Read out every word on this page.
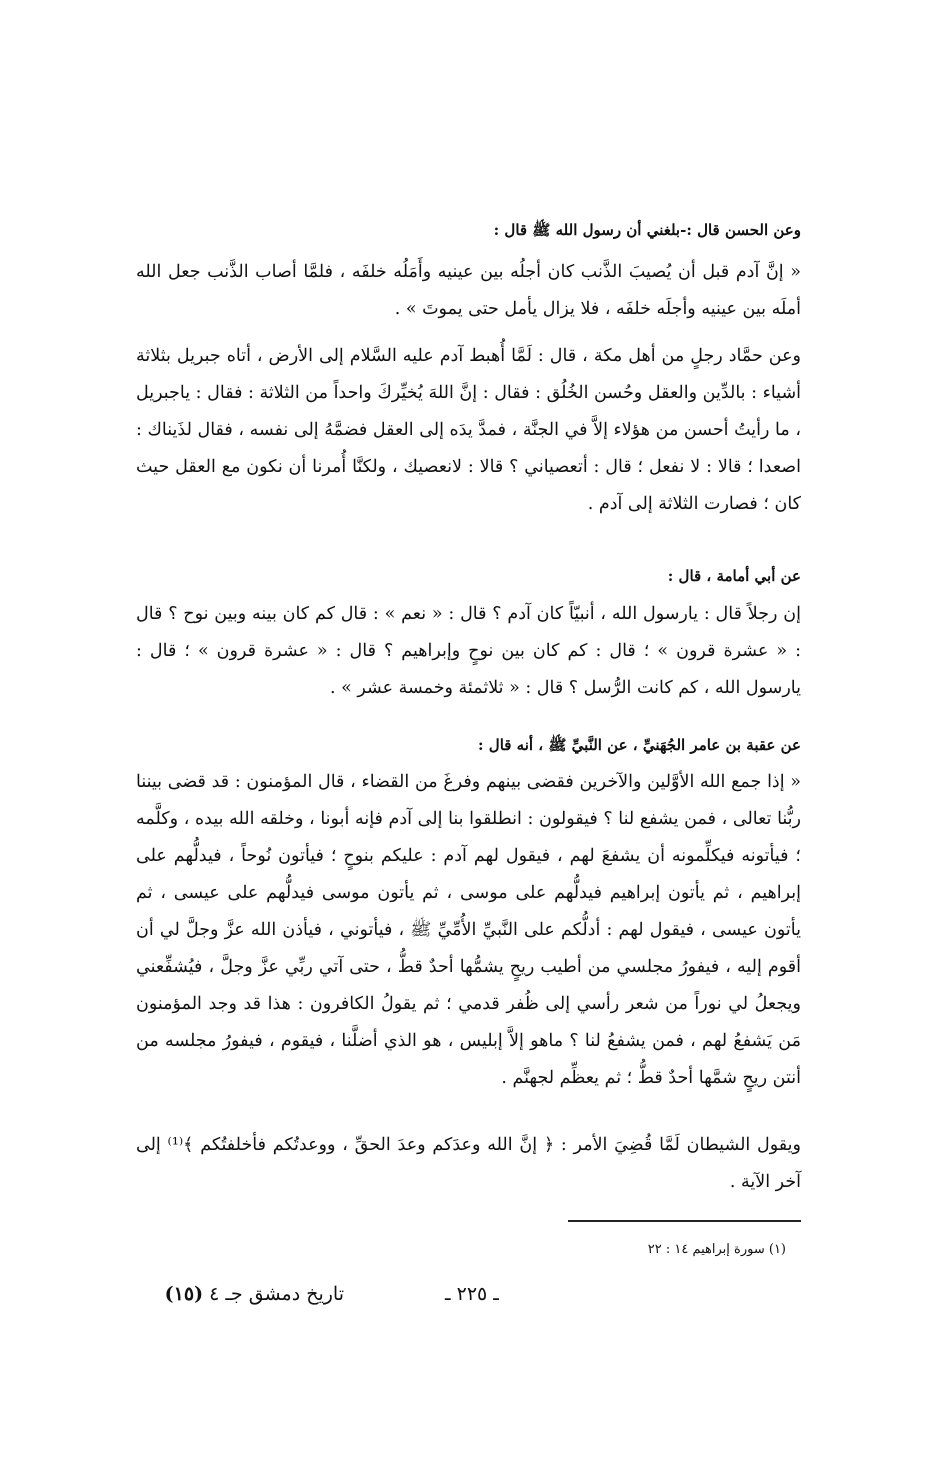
وعن الحسن قال :-بلغني أن رسول الله ﷺ قال :
« إنَّ آدم قبل أن يُصيبَ الذَّنب كان أجلُه بين عينيه وأَمَلُه خلفَه ، فلمَّا أصاب الذَّنب جعل الله أملَه بين عينيه وأجلَه خلفَه ، فلا يزال يأمل حتى يموتَ » .
وعن حمَّاد رجلٍ من أهل مكة ، قال : لَمَّا أُهبط آدم عليه السَّلام إلى الأرض ، أتاه جبريل بثلاثة أشياء : بالدِّين والعقل وحُسن الخُلُق : فقال : إنَّ اللهَ يُخيِّركَ واحداً من الثلاثة : فقال : ياجبريل ، ما رأيتُ أحسن من هؤلاء إلاَّ في الجنَّة ، فمدَّ يدَه إلى العقل فضمَّهُ إلى نفسه ، فقال لذَيناك : اصعدا ؛ قالا : لا نفعل ؛ قال : أتعصياني ؟ قالا : لانعصيك ، ولكنَّا أُمرنا أن نكون مع العقل حيث كان ؛ فصارت الثلاثة إلى آدم .
عن أبي أمامة ، قال :
إن رجلاً قال : يارسول الله ، أنبيّاً كان آدم ؟ قال : « نعم » : قال كم كان بينه وبين نوح ؟ قال : « عشرة قرون » ؛ قال : كم كان بين نوحٍ وإبراهيم ؟ قال : « عشرة قرون » ؛ قال : يارسول الله ، كم كانت الرُّسل ؟ قال : « ثلاثمئة وخمسة عشر » .
عن عقبة بن عامر الجُهَنيِّ ، عن النَّبيِّ ﷺ ، أنه قال :
« إذا جمع الله الأوَّلين والآخرين فقضى بينهم وفرغَ من القضاء ، قال المؤمنون : قد قضى بيننا ربُّنا تعالى ، فمن يشفع لنا ؟ فيقولون : انطلقوا بنا إلى آدم فإنه أبونا ، وخلقه الله بيده ، وكلَّمه ؛ فيأتونه فيكلِّمونه أن يشفعَ لهم ، فيقول لهم آدم : عليكم بنوحٍ ؛ فيأتون نُوحاً ، فيدلُّهم على إبراهيم ، ثم يأتون إبراهيم فيدلُّهم على موسى ، ثم يأتون موسى فيدلُّهم على عيسى ، ثم يأتون عيسى ، فيقول لهم : أدلُّكم على النَّبيِّ الأُمِّيِّ ﷺ ، فيأتوني ، فيأذن الله عزَّ وجلَّ لي أن أقوم إليه ، فيفورُ مجلسي من أطيب ريحٍ يشمُّها أحدٌ قطُّ ، حتى آتي ربِّي عزَّ وجلَّ ، فيُشفِّعني ويجعلُ لي نوراً من شعر رأسي إلى ظُفر قدمي ؛ ثم يقولُ الكافرون : هذا قد وجد المؤمنون مَن يَشفعُ لهم ، فمن يشفعُ لنا ؟ ماهو إلاَّ إبليس ، هو الذي أضلَّنا ، فيقوم ، فيفورُ مجلسه من أنتن ريحٍ شمَّها أحدٌ قطُّ ؛ ثم يعظِّم لجهنَّم .
ويقول الشيطان لَمَّا قُضِيَ الأمر : ﴿ إنَّ الله وعدَكم وعدَ الحقِّ ، ووعدتُكم فأخلفتُكم ﴾⁽¹⁾ إلى آخر الآية .
(١) سورة إبراهيم ١٤ : ٢٢
تاريخ دمشق جـ ٤ (١٥)	ـ ٢٢٥ ـ
